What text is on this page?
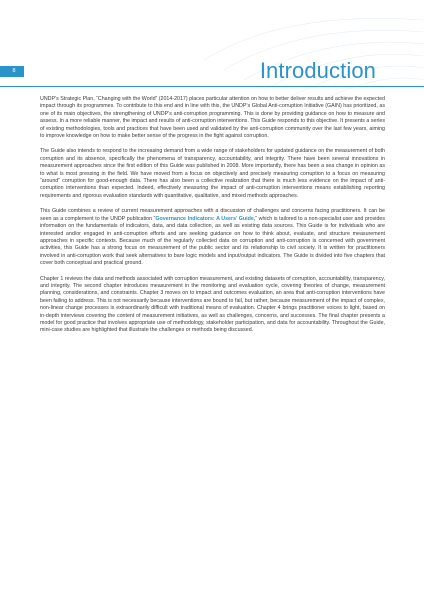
8	Introduction

UNDP’s Strategic Plan, “Changing with the World” (2014-2017) places particular attention on how to better deliver results and achieve the expected impact through its programmes. To contribute to this end and in line with this, the UNDP’s Global Anti-corruption Initiative (GAIN) has prioritized, as one of its main objectives, the strengthening of UNDP’s anti-corruption programming. This is done by providing guidance on how to measure and assess. In a more reliable manner, the impact and results of anti-corruption interventions. This Guide responds to this objective. It presents a series of existing methodologies, tools and practices that have been used and validated by the anti-corruption community over the last few years, aiming to improve knowledge on how to make better sense of the progress in the fight against corruption.

The Guide also intends to respond to the increasing demand from a wide range of stakeholders for updated guidance on the measurement of both corruption and its absence, specifically the phenomena of transparency, accountability, and integrity. There have been several innovations in measurement approaches since the first edition of this Guide was published in 2008. More importantly, there has been a sea change in opinion as to what is most pressing in the field. We have moved from a focus on objectively and precisely measuring corruption to a focus on measuring “around” corruption for good-enough data. There has also been a collective realization that there is much less evidence on the impact of anti-corruption interventions than expected. Indeed, effectively measuring the impact of anti-corruption interventions means establishing reporting requirements and rigorous evaluation standards with quantitative, qualitative, and mixed methods approaches.

This Guide combines a review of current measurement approaches with a discussion of challenges and concerns facing practitioners. It can be seen as a complement to the UNDP publication “Governance Indicators: A Users’ Guide,” which is tailored to a non-specialist user and provides information on the fundamentals of indicators, data, and data collection, as well as existing data sources. This Guide is for individuals who are interested and/or engaged in anti-corruption efforts and are seeking guidance on how to think about, evaluate, and structure measurement approaches in specific contexts. Because much of the regularly collected data on corruption and anti-corruption is concerned with government activities, this Guide has a strong focus on measurement of the public sector and its relationship to civil society. It is written for practitioners involved in anti-corruption work that seek alternatives to bare logic models and input/output indicators. The Guide is divided into five chapters that cover both conceptual and practical ground.

Chapter 1 reviews the data and methods associated with corruption measurement, and existing datasets of corruption, accountability, transparency, and integrity. The second chapter introduces measurement in the monitoring and evaluation cycle, covering theories of change, measurement planning, considerations, and constraints. Chapter 3 moves on to impact and outcomes evaluation, an area that anti-corruption interventions have been failing to address. This is not necessarily because interventions are bound to fail, but rather, because measurement of the impact of complex, non-linear change processes is extraordinarily difficult with traditional means of evaluation. Chapter 4 brings practitioner voices to light, based on in-depth interviews covering the content of measurement initiatives, as well as challenges, concerns, and successes. The final chapter presents a model for good practice that involves appropriate use of methodology, stakeholder participation, and data for accountability. Throughout the Guide, mini-case studies are highlighted that illustrate the challenges or methods being discussed.
